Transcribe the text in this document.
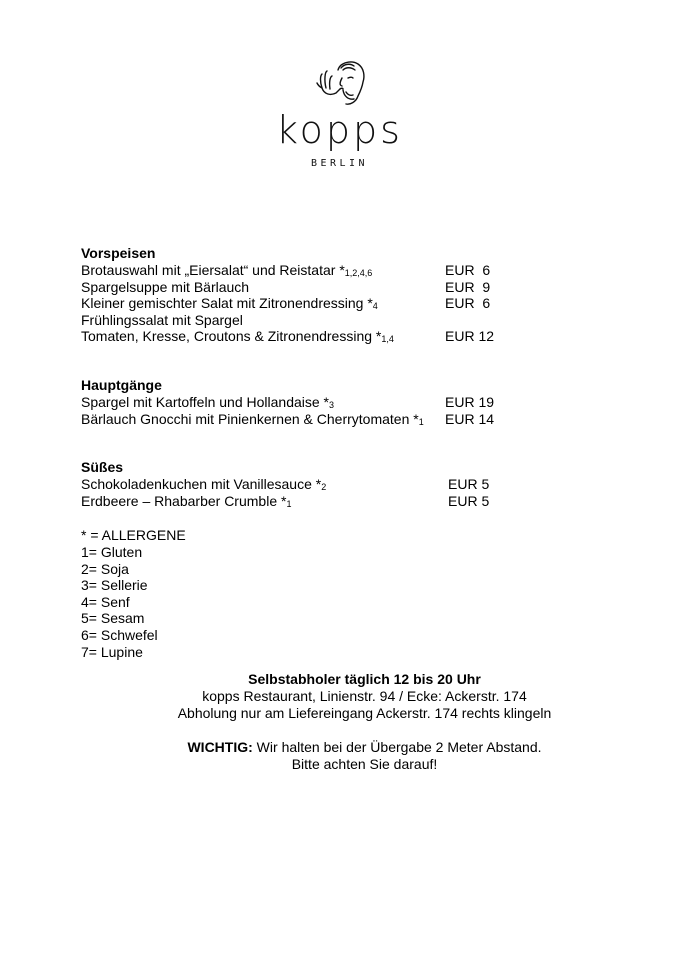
kopps
BERLIN
Vorspeisen
Brotauswahl mit „Eiersalat“ und Reistatar $*_{1,2,4,6}$	EUR  6
Spargelsuppe mit Bärlauch	EUR  9
Kleiner gemischter Salat mit Zitronendressing $*_4$	EUR  6
Frühlingssalat mit Spargel
Tomaten, Kresse, Croutons & Zitronendressing $*_{1,4}$	EUR 12
Hauptgänge
Spargel mit Kartoffeln und Hollandaise $*_3$	EUR 19
Bärlauch Gnocchi mit Pinienkernen & Cherrytomaten $*_1$ EUR 14
Süßes
Schokoladenkuchen mit Vanillesauce $*_2$	EUR 5
Erdbeere – Rhabarber Crumble $*_1$	EUR 5
* = ALLERGENE
1= Gluten
2= Soja
3= Sellerie
4= Senf
5= Sesam
6= Schwefel
7= Lupine
Selbstabholer täglich 12 bis 20 Uhr
kopps Restaurant, Linienstr. 94 / Ecke: Ackerstr. 174
Abholung nur am Liefereingang Ackerstr. 174 rechts klingeln
WICHTIG: Wir halten bei der Übergabe 2 Meter Abstand.
Bitte achten Sie darauf!
